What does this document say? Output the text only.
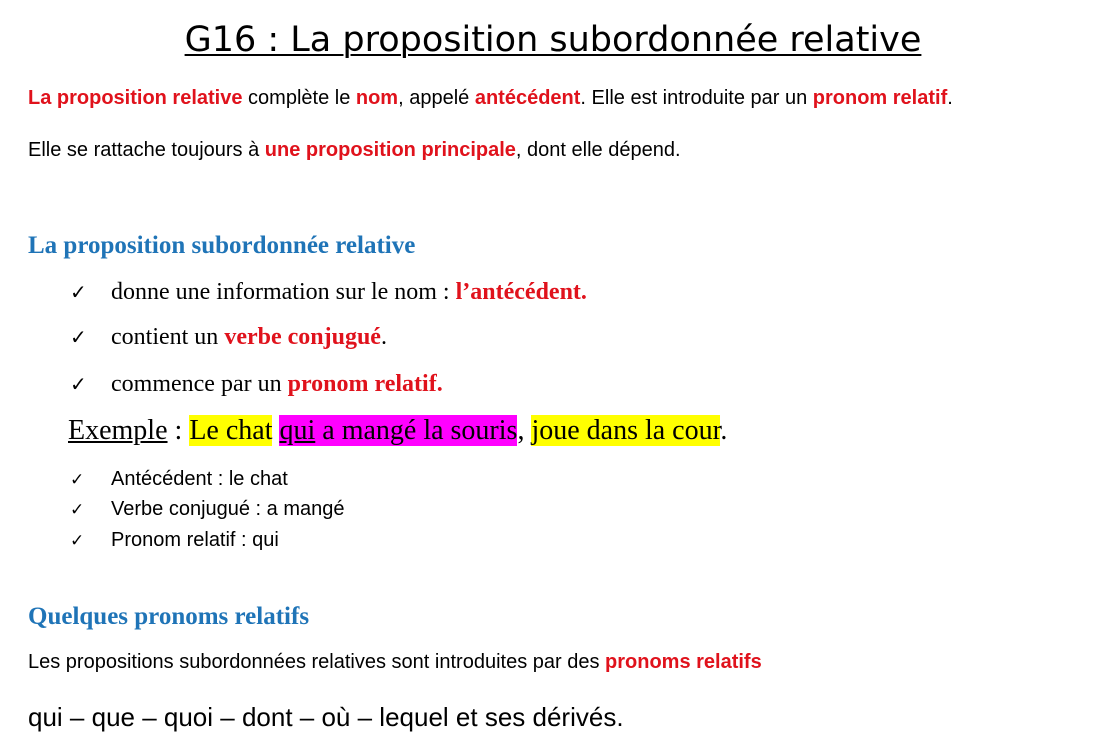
G16 : La proposition subordonnée relative
La proposition relative complète le nom, appelé antécédent. Elle est introduite par un pronom relatif.
Elle se rattache toujours à une proposition principale, dont elle dépend.
La proposition subordonnée relative
✓ donne une information sur le nom : l’antécédent.
✓ contient un verbe conjugué.
✓ commence par un pronom relatif.
Exemple : Le chat qui a mangé la souris, joue dans la cour.
✓ Antécédent : le chat
✓ Verbe conjugué : a mangé
✓ Pronom relatif : qui
Quelques pronoms relatifs
Les propositions subordonnées relatives sont introduites par des pronoms relatifs
qui – que – quoi – dont – où – lequel et ses dérivés.
